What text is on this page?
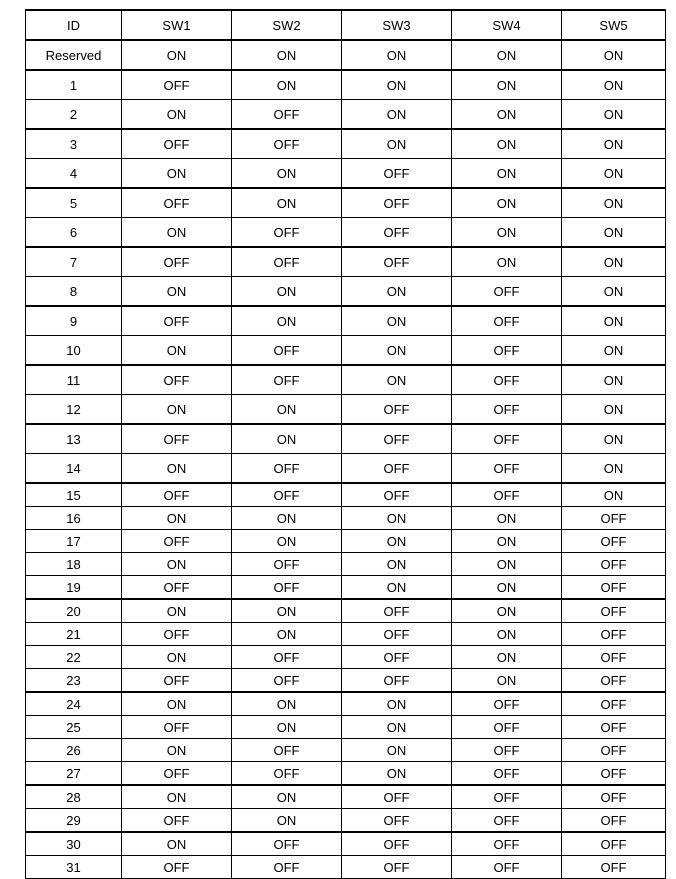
ID	SW1	SW2	SW3	SW4	SW5
Reserved	ON	ON	ON	ON	ON
1	OFF	ON	ON	ON	ON
2	ON	OFF	ON	ON	ON
3	OFF	OFF	ON	ON	ON
4	ON	ON	OFF	ON	ON
5	OFF	ON	OFF	ON	ON
6	ON	OFF	OFF	ON	ON
7	OFF	OFF	OFF	ON	ON
8	ON	ON	ON	OFF	ON
9	OFF	ON	ON	OFF	ON
10	ON	OFF	ON	OFF	ON
11	OFF	OFF	ON	OFF	ON
12	ON	ON	OFF	OFF	ON
13	OFF	ON	OFF	OFF	ON
14	ON	OFF	OFF	OFF	ON
15	OFF	OFF	OFF	OFF	ON
16	ON	ON	ON	ON	OFF
17	OFF	ON	ON	ON	OFF
18	ON	OFF	ON	ON	OFF
19	OFF	OFF	ON	ON	OFF
20	ON	ON	OFF	ON	OFF
21	OFF	ON	OFF	ON	OFF
22	ON	OFF	OFF	ON	OFF
23	OFF	OFF	OFF	ON	OFF
24	ON	ON	ON	OFF	OFF
25	OFF	ON	ON	OFF	OFF
26	ON	OFF	ON	OFF	OFF
27	OFF	OFF	ON	OFF	OFF
28	ON	ON	OFF	OFF	OFF
29	OFF	ON	OFF	OFF	OFF
30	ON	OFF	OFF	OFF	OFF
31	OFF	OFF	OFF	OFF	OFF
